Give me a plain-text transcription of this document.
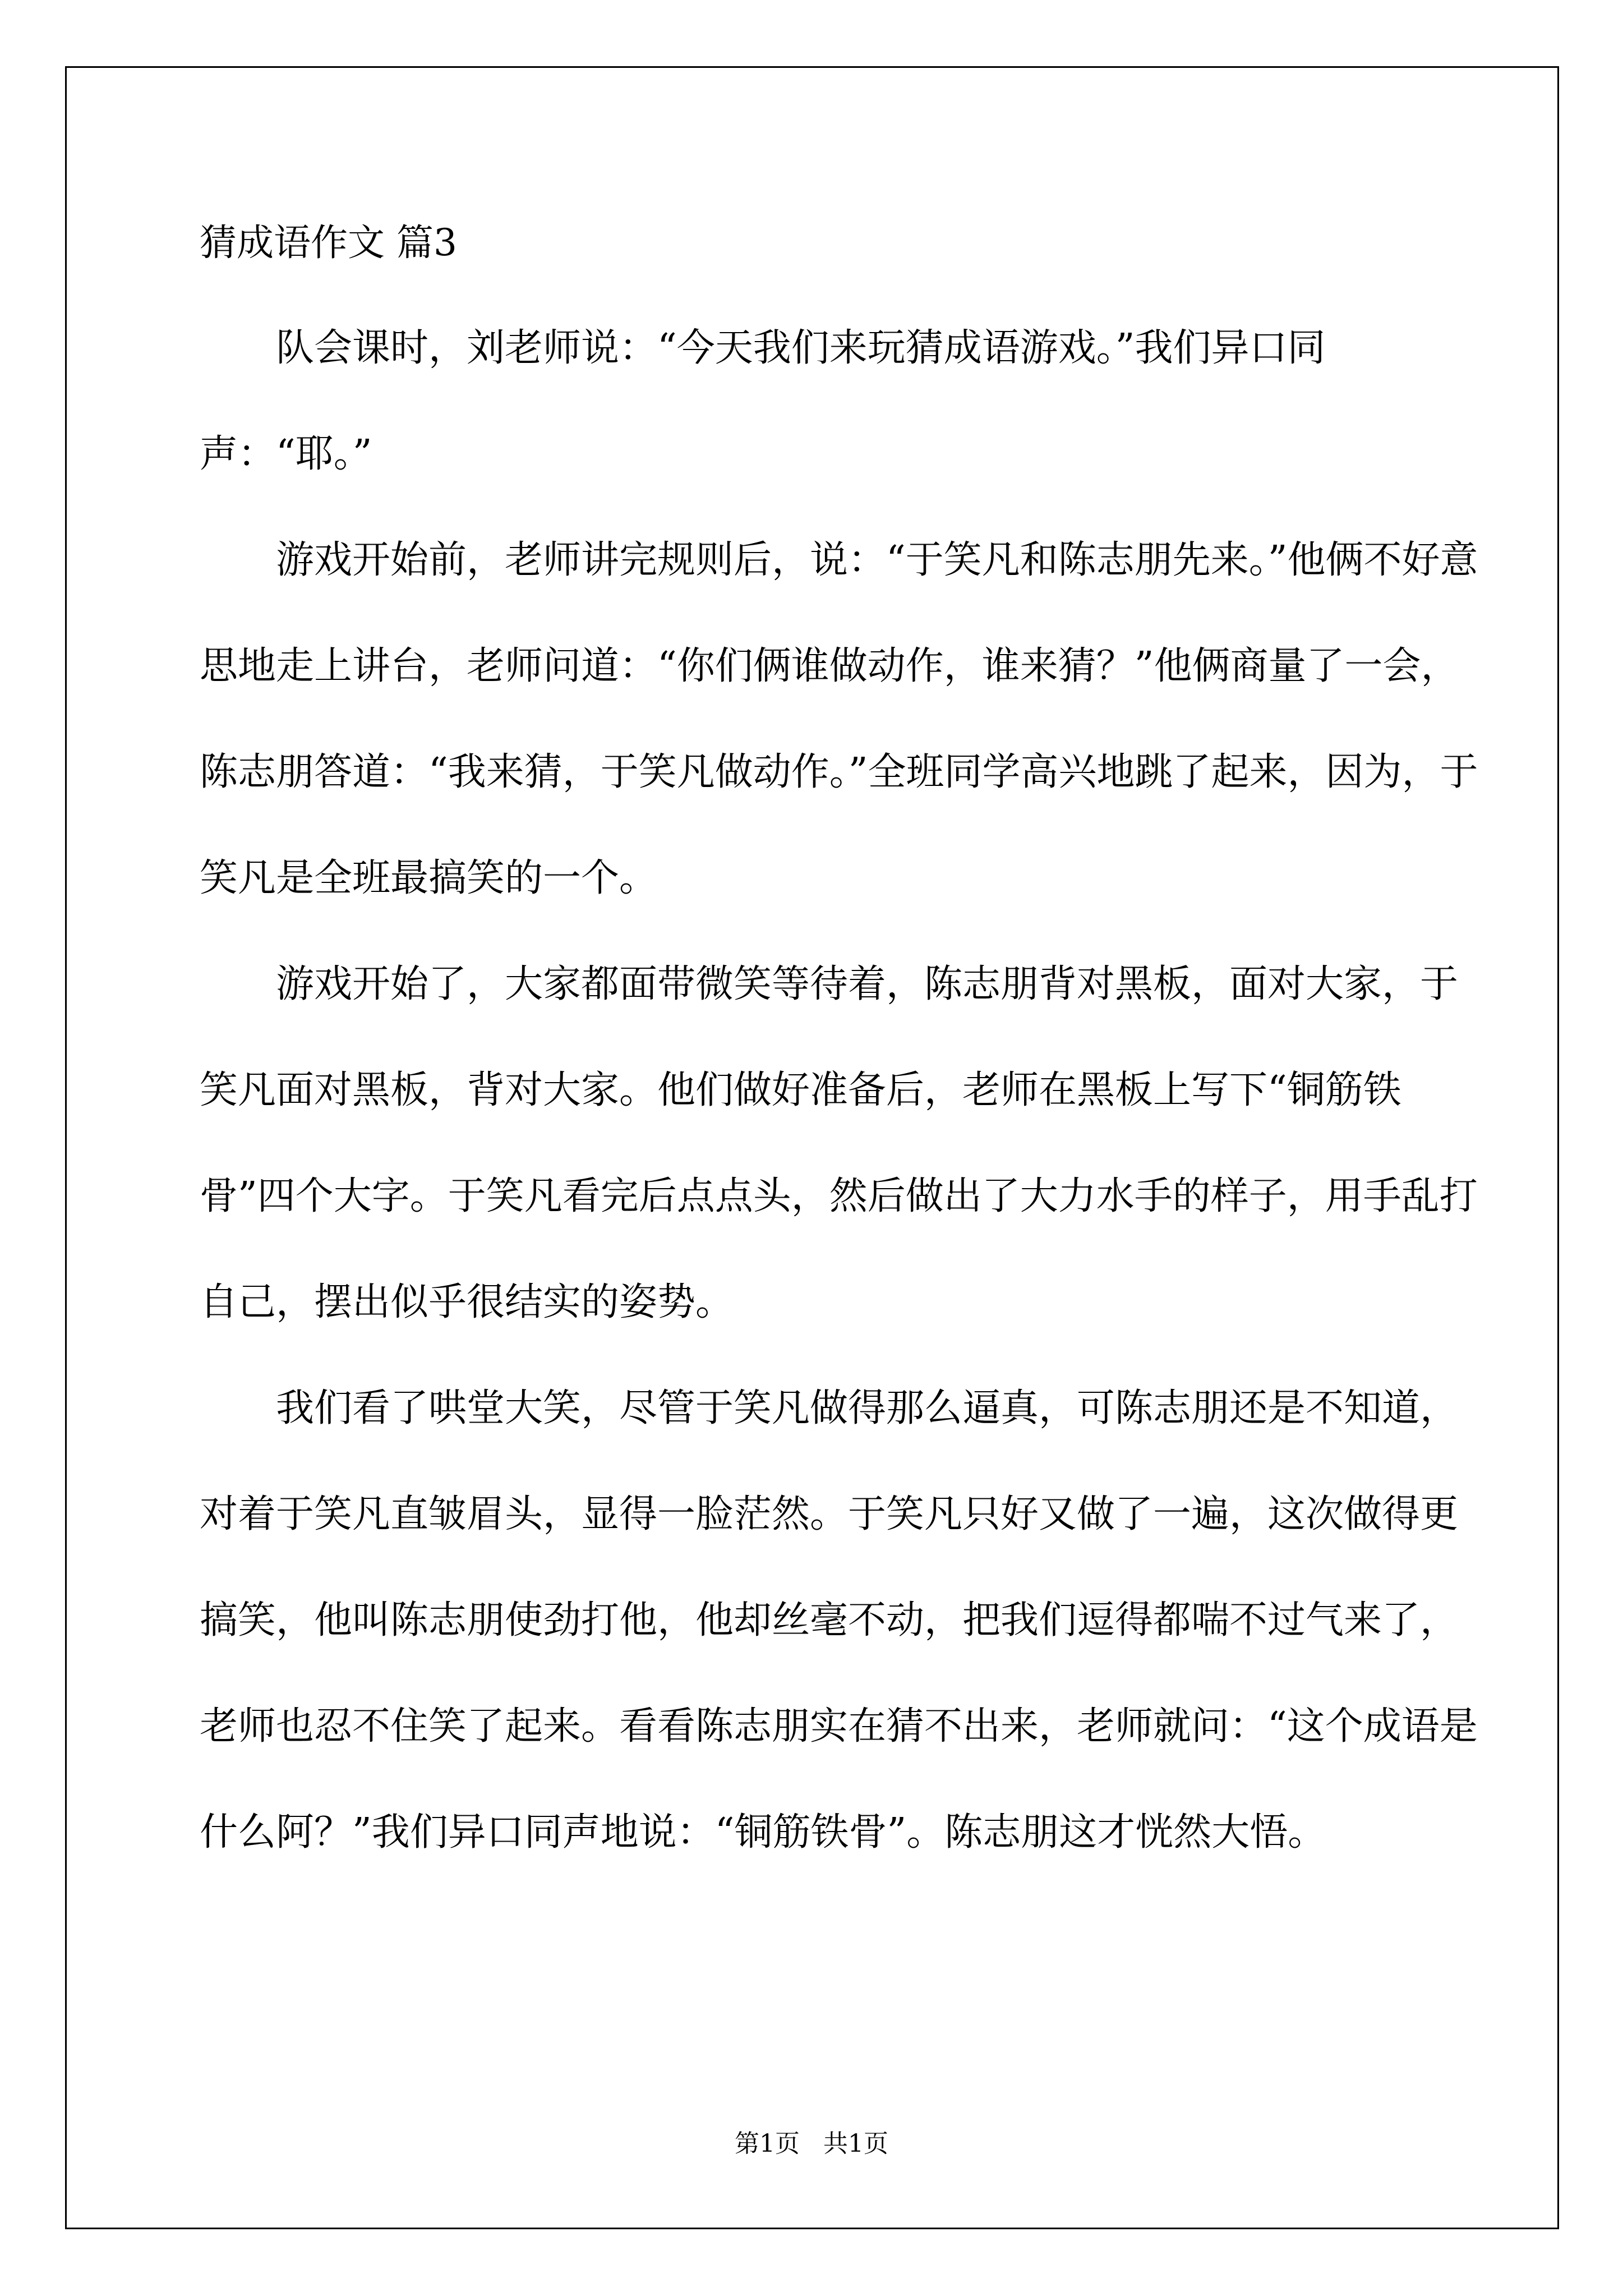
猜成语作文 篇3

队会课时，刘老师说：“今天我们来玩猜成语游戏。”我们异口同声：“耶。”

游戏开始前，老师讲完规则后，说：“于笑凡和陈志朋先来。”他俩不好意思地走上讲台，老师问道：“你们俩谁做动作，谁来猜？”他俩商量了一会，陈志朋答道：“我来猜，于笑凡做动作。”全班同学高兴地跳了起来，因为，于笑凡是全班最搞笑的一个。

游戏开始了，大家都面带微笑等待着，陈志朋背对黑板，面对大家，于笑凡面对黑板，背对大家。他们做好准备后，老师在黑板上写下“铜筋铁骨”四个大字。于笑凡看完后点点头，然后做出了大力水手的样子，用手乱打自己，摆出似乎很结实的姿势。

我们看了哄堂大笑，尽管于笑凡做得那么逼真，可陈志朋还是不知道，对着于笑凡直皱眉头，显得一脸茫然。于笑凡只好又做了一遍，这次做得更搞笑，他叫陈志朋使劲打他，他却丝毫不动，把我们逗得都喘不过气来了，老师也忍不住笑了起来。看看陈志朋实在猜不出来，老师就问：“这个成语是什么阿？”我们异口同声地说：“铜筋铁骨”。陈志朋这才恍然大悟。

第1页   共1页
